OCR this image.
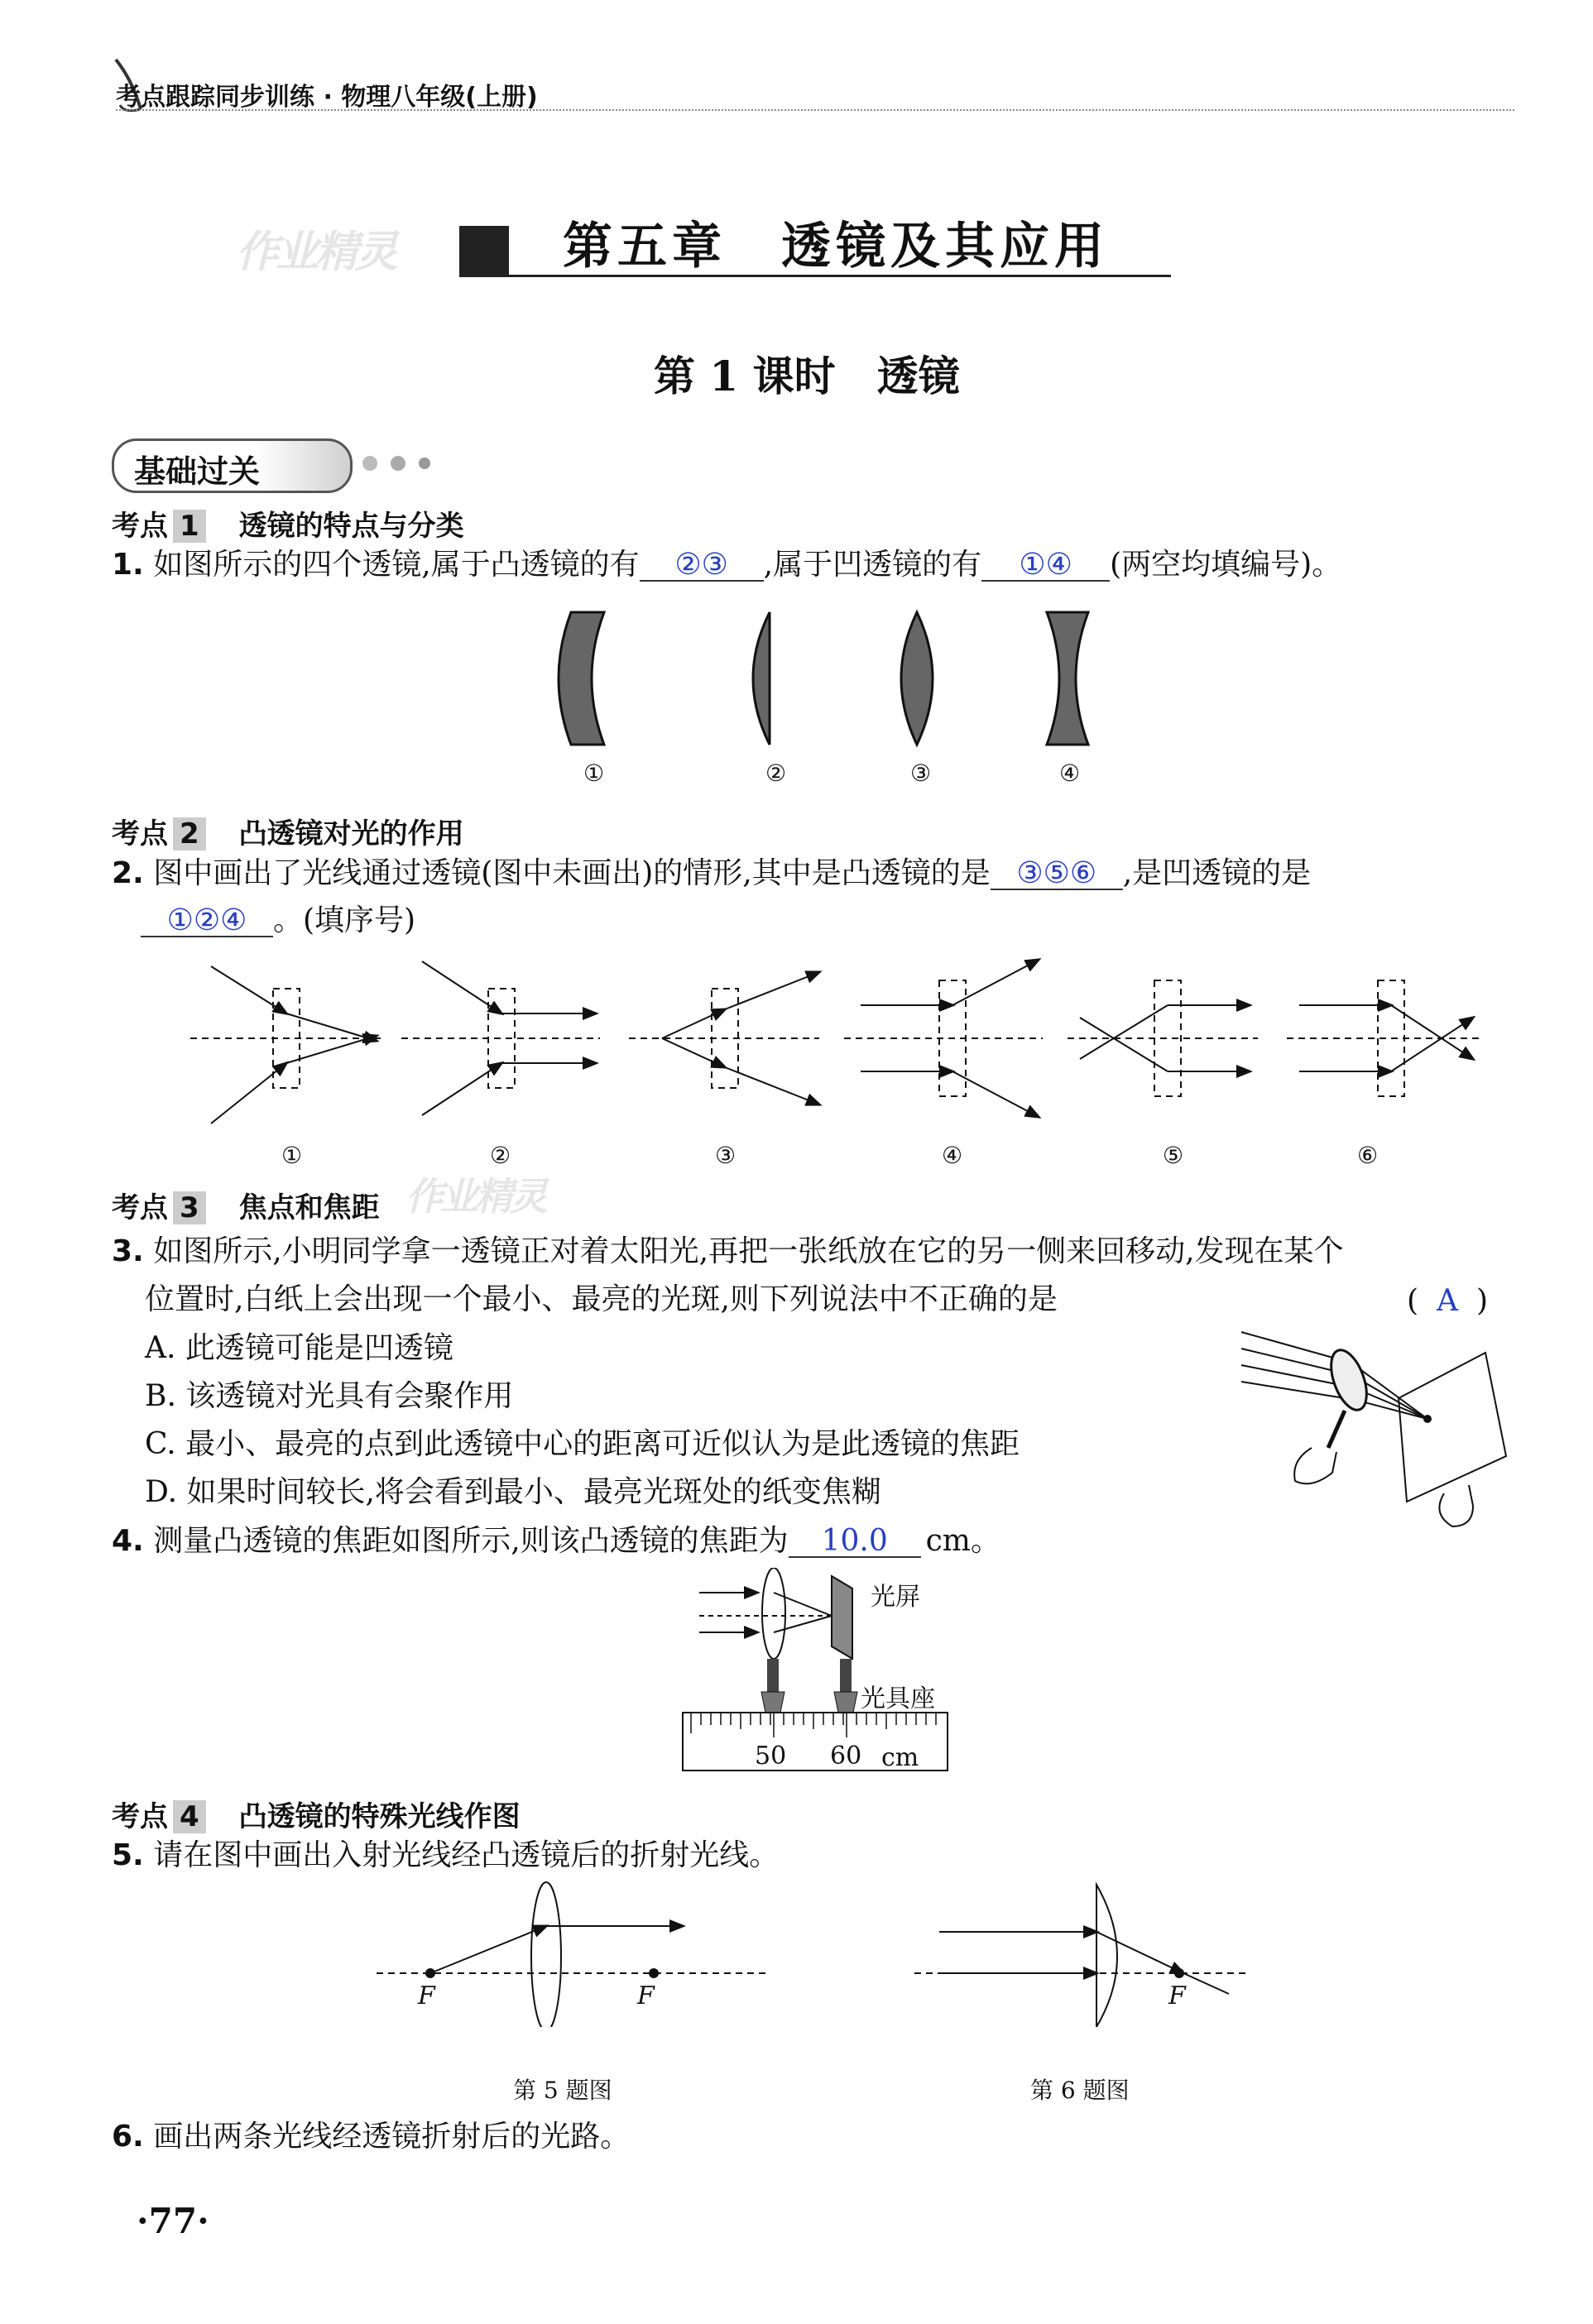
考点跟踪同步训练 · 物理八年级(上册)
作业精灵	第五章　透镜及其应用
第 1 课时　透镜
基础过关
考点 1 透镜的特点与分类
1. 如图所示的四个透镜,属于凸透镜的有 ②③ ,属于凹透镜的有 ①④ (两空均填编号)。
①	②	③	④
考点 2 凸透镜对光的作用
2. 图中画出了光线通过透镜(图中未画出)的情形,其中是凸透镜的是 ③⑤⑥ ,是凹透镜的是
①②④ 。(填序号)
①	②	③	④	⑤	⑥
考点 3 焦点和焦距 作业精灵
3. 如图所示,小明同学拿一透镜正对着太阳光,再把一张纸放在它的另一侧来回移动,发现在某个
位置时,白纸上会出现一个最小、最亮的光斑,则下列说法中不正确的是	( A )
A. 此透镜可能是凹透镜
B. 该透镜对光具有会聚作用
C. 最小、最亮的点到此透镜中心的距离可近似认为是此透镜的焦距
D. 如果时间较长,将会看到最小、最亮光斑处的纸变焦糊
4. 测量凸透镜的焦距如图所示,则该凸透镜的焦距为 10.0 cm。
光屏
光具座
50 60 cm
考点 4 凸透镜的特殊光线作图
5. 请在图中画出入射光线经凸透镜后的折射光线。
F	F
第 5 题图
F
第 6 题图
6. 画出两条光线经透镜折射后的光路。
·77·
